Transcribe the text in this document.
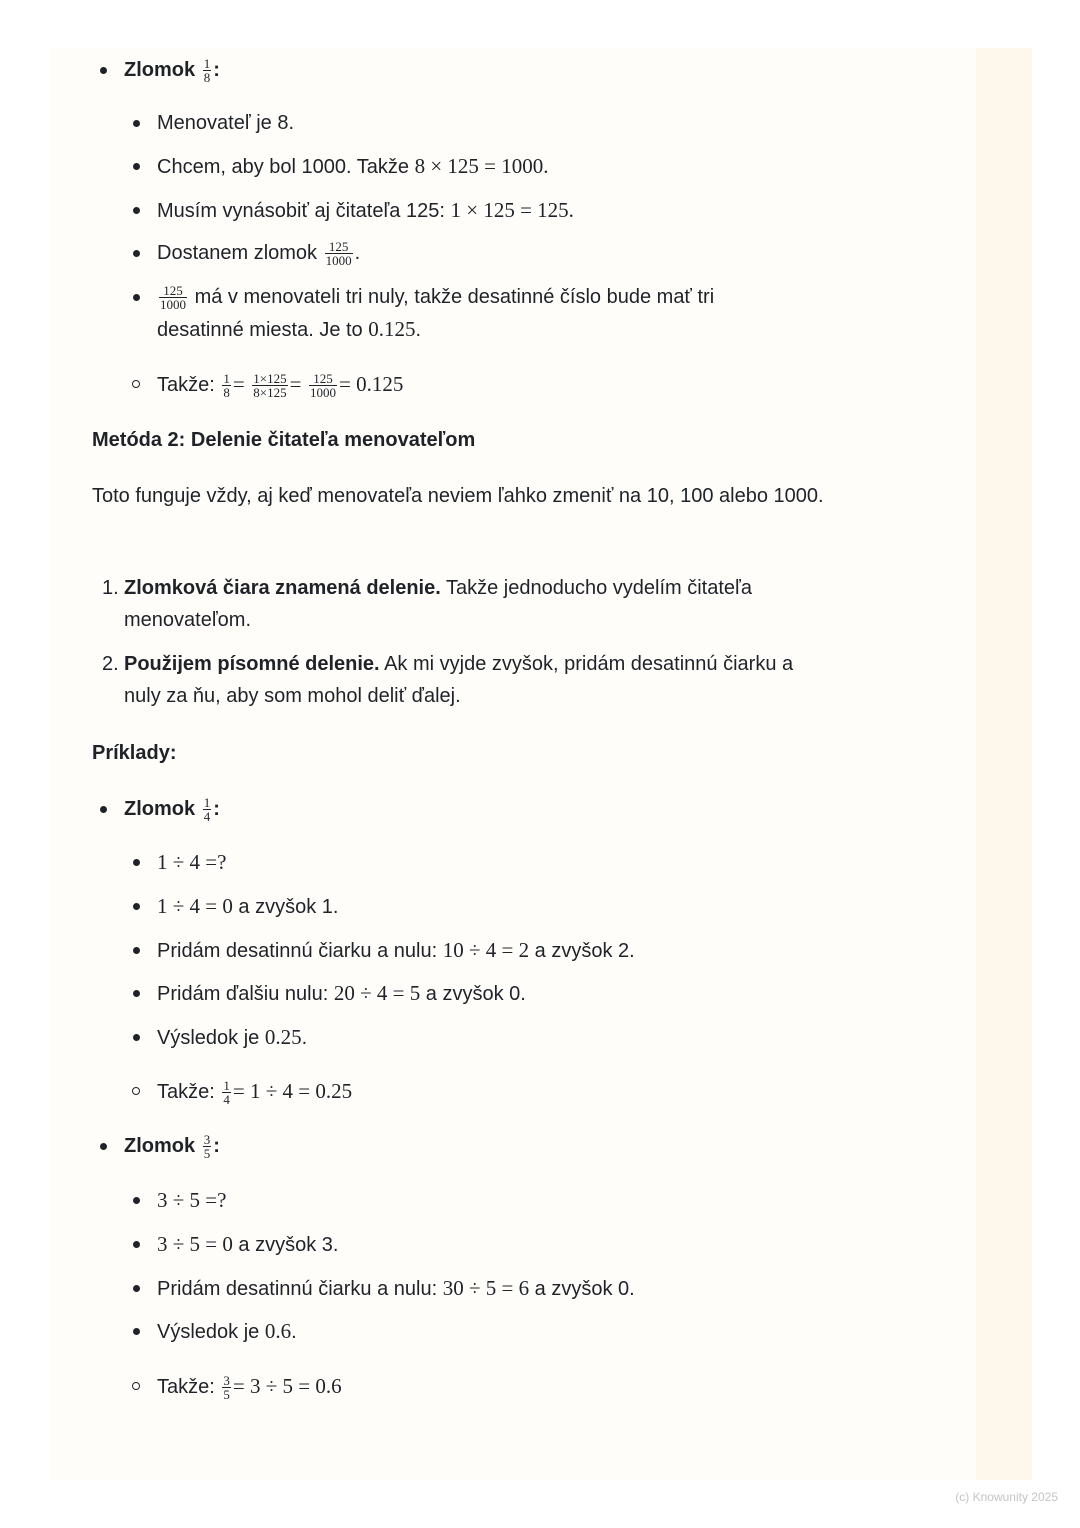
Zlomok $\frac{1}{8}$ :
Menovateľ je 8.
Chcem, aby bol 1000. Takže 8 × 125 = 1000.
Musím vynásobiť aj čitateľa 125: 1 × 125 = 125.
Dostanem zlomok $\frac{125}{1000}$ .
$\frac{125}{1000}$ má v menovateli tri nuly, takže desatinné číslo bude mať tri
desatinné miesta. Je to 0.125.
Takže: $\frac{1}{8} = \frac{1\times 125}{8\times 125} = \frac{125}{1000} = 0.125$
Metóda 2: Delenie čitateľa menovateľom
Toto funguje vždy, aj keď menovateľa neviem ľahko zmeniť na 10, 100 alebo 1000.
1. Zlomková čiara znamená delenie. Takže jednoducho vydelím čitateľa menovateľom.
2. Použijem písomné delenie. Ak mi vyjde zvyšok, pridám desatinnú čiarku a nuly za ňu, aby som mohol deliť ďalej.
Príklady:
Zlomok $\frac{1}{4}$ :
1 ÷ 4 =?
1 ÷ 4 = 0 a zvyšok 1.
Pridám desatinnú čiarku a nulu: 10 ÷ 4 = 2 a zvyšok 2.
Pridám ďalšiu nulu: 20 ÷ 4 = 5 a zvyšok 0.
Výsledok je 0.25.
Takže: $\frac{1}{4} = 1 \div 4 = 0.25$
Zlomok $\frac{3}{5}$ :
3 ÷ 5 =?
3 ÷ 5 = 0 a zvyšok 3.
Pridám desatinnú čiarku a nulu: 30 ÷ 5 = 6 a zvyšok 0.
Výsledok je 0.6.
Takže: $\frac{3}{5} = 3 \div 5 = 0.6$
(c) Knowunity 2025
